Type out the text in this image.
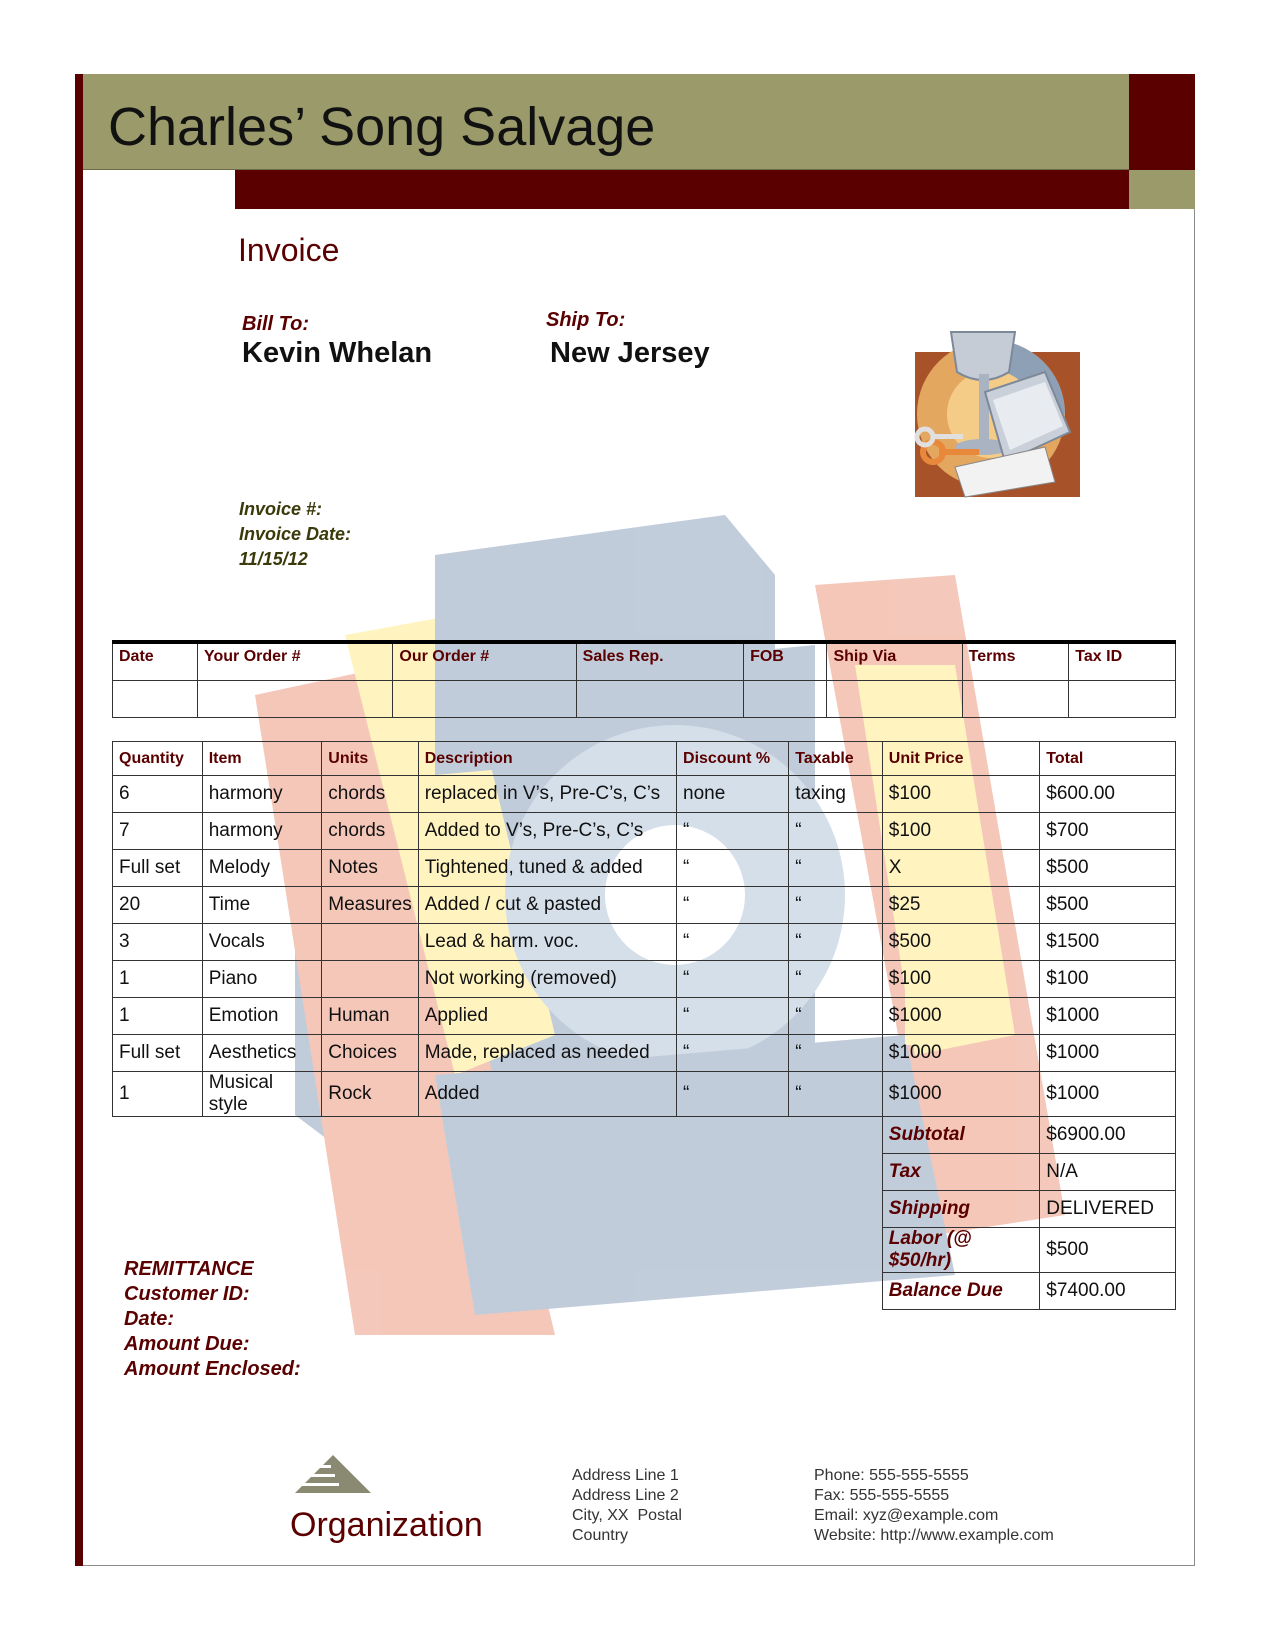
Charles’ Song Salvage
Invoice
Bill To:
Kevin Whelan
Ship To:
New Jersey
Invoice #:
Invoice Date:
11/15/12
Date	Your Order #	Our Order #	Sales Rep.	FOB	Ship Via	Terms	Tax ID

Quantity	Item	Units	Description	Discount %	Taxable	Unit Price	Total
6	harmony	chords	replaced in V’s, Pre-C’s, C’s	none	taxing	$100	$600.00
7	harmony	chords	Added to V’s, Pre-C’s, C’s	“	“	$100	$700
Full set	Melody	Notes	Tightened, tuned & added	“	“	X	$500
20	Time	Measures	Added / cut & pasted	“	“	$25	$500
3	Vocals		Lead & harm. voc.	“	“	$500	$1500
1	Piano		Not working (removed)	“	“	$100	$100
1	Emotion	Human	Applied	“	“	$1000	$1000
Full set	Aesthetics	Choices	Made, replaced as needed	“	“	$1000	$1000
1	Musical style	Rock	Added	“	“	$1000	$1000
						Subtotal	$6900.00
						Tax	N/A
						Shipping	DELIVERED
						Labor (@ $50/hr)	$500
						Balance Due	$7400.00
REMITTANCE
Customer ID:
Date:
Amount Due:
Amount Enclosed:
Organization
Address Line 1
Address Line 2
City, XX  Postal
Country
Phone: 555-555-5555
Fax: 555-555-5555
Email: xyz@example.com
Website: http://www.example.com
